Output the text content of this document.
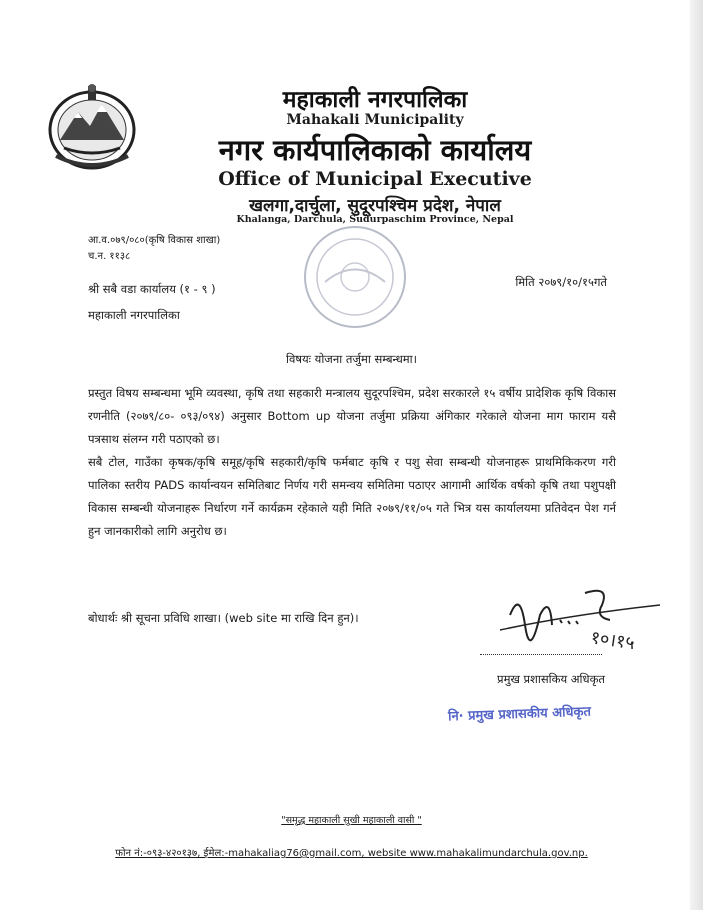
महाकाली नगरपालिका
Mahakali Municipality
नगर कार्यपालिकाको कार्यालय
Office of Municipal Executive
खलगा,दार्चुला, सुदूरपश्चिम प्रदेश, नेपाल
Khalanga, Darchula, Sudurpaschim Province, Nepal
आ.व.०७९/०८०(कृषि विकास शाखा)
च.न. ११३८
श्री सबै वडा कार्यालय (१ - ९ )
महाकाली नगरपालिका
मिति २०७९/१०/१५गते
विषयः योजना तर्जुमा सम्बन्धमा।

प्रस्तुत विषय सम्बन्धमा भूमि व्यवस्था, कृषि तथा सहकारी मन्त्रालय सुदूरपश्चिम, प्रदेश सरकारले १५ वर्षीय प्रादेशिक कृषि विकास रणनीति (२०७९/८०- ०९३/०९४) अनुसार Bottom up योजना तर्जुमा प्रक्रिया अंगिकार गरेकाले योजना माग फाराम यसै पत्रसाथ संलग्न गरी पठाएको छ।

सबै टोल, गाउँका कृषक/कृषि समूह/कृषि सहकारी/कृषि फर्मबाट कृषि र पशु सेवा सम्बन्धी योजनाहरू प्राथमिकिकरण गरी पालिका स्तरीय PADS कार्यान्वयन समितिबाट निर्णय गरी समन्वय समितिमा पठाएर आगामी आर्थिक वर्षको कृषि तथा पशुपक्षी विकास सम्बन्धी योजनाहरू निर्धारण गर्ने कार्यक्रम रहेकाले यही मिति २०७९/११/०५ गते भित्र यस कार्यालयमा प्रतिवेदन पेश गर्न हुन जानकारीको लागि अनुरोध छ।

बोधार्थः श्री सूचना प्रविधि शाखा। (web site मा राखि दिन हुन)।
१०।१५
प्रमुख प्रशासकिय अधिकृत
नि· प्रमुख प्रशासकीय अधिकृत
"समृद्ध महाकाली सुखी महाकाली वासी "
फोन नं:-०९३-४२०१३७, ईमेल:-mahakaliag76@gmail.com, website www.mahakalimundarchula.gov.np.
